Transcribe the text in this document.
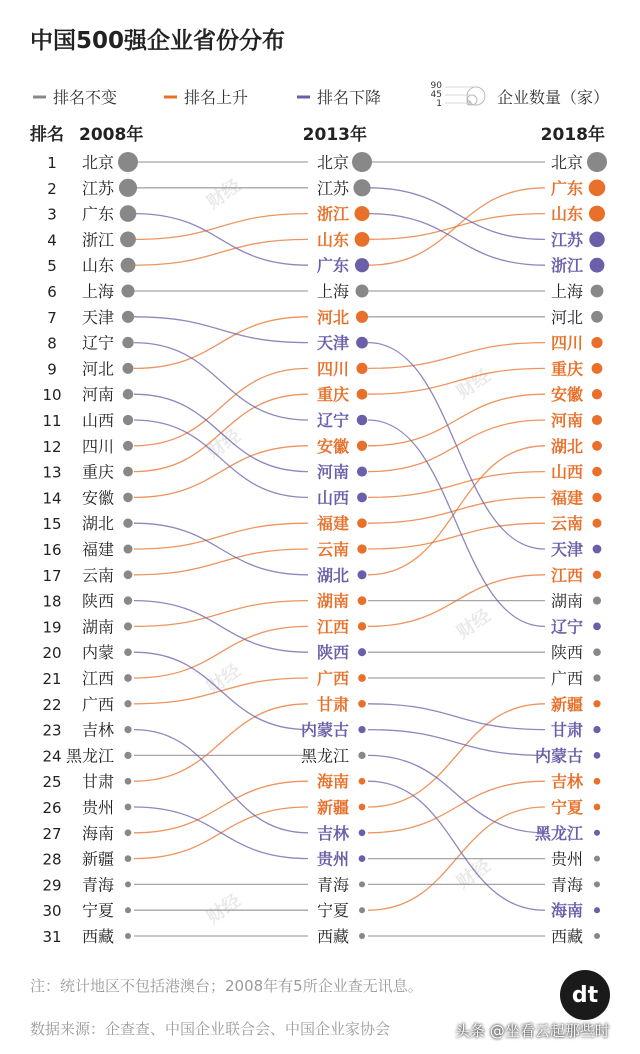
中国500强企业省份分布
财经
财经
财经
财经
财经
财经
财经
排名不变	排名上升	排名下降
90
45
1	企业数量（家）
排名 2008年	2013年	2018年
1 北京	北京	北京
2 江苏	江苏	广东
3 广东	浙江	山东
4 浙江	山东	江苏
5 山东	广东	浙江
6 上海	上海	上海
7 天津	河北	河北
8 辽宁	天津	四川
9 河北	四川	重庆
10 河南	重庆	安徽
11 山西	辽宁	河南
12 四川	安徽	湖北
13 重庆	河南	山西
14 安徽	山西	福建
15 湖北	福建	云南
16 福建	云南	天津
17 云南	湖北	江西
18 陕西	湖南	湖南
19 湖南	江西	辽宁
20 内蒙	陕西	陕西
21 江西	广西	广西
22 广西	甘肃	新疆
23 吉林	内蒙古	甘肃
24 黑龙江	黑龙江	内蒙古
25 甘肃	海南	吉林
26 贵州	新疆	宁夏
27 海南	吉林	黑龙江
28 新疆	贵州	贵州
29 青海	青海	青海
30 宁夏	宁夏	海南
31 西藏	西藏	西藏
注：统计地区不包括港澳台；2008年有5所企业查无讯息。
数据来源：企查查、中国企业联合会、中国企业家协会
dt
头条 @坐看云起那些时
